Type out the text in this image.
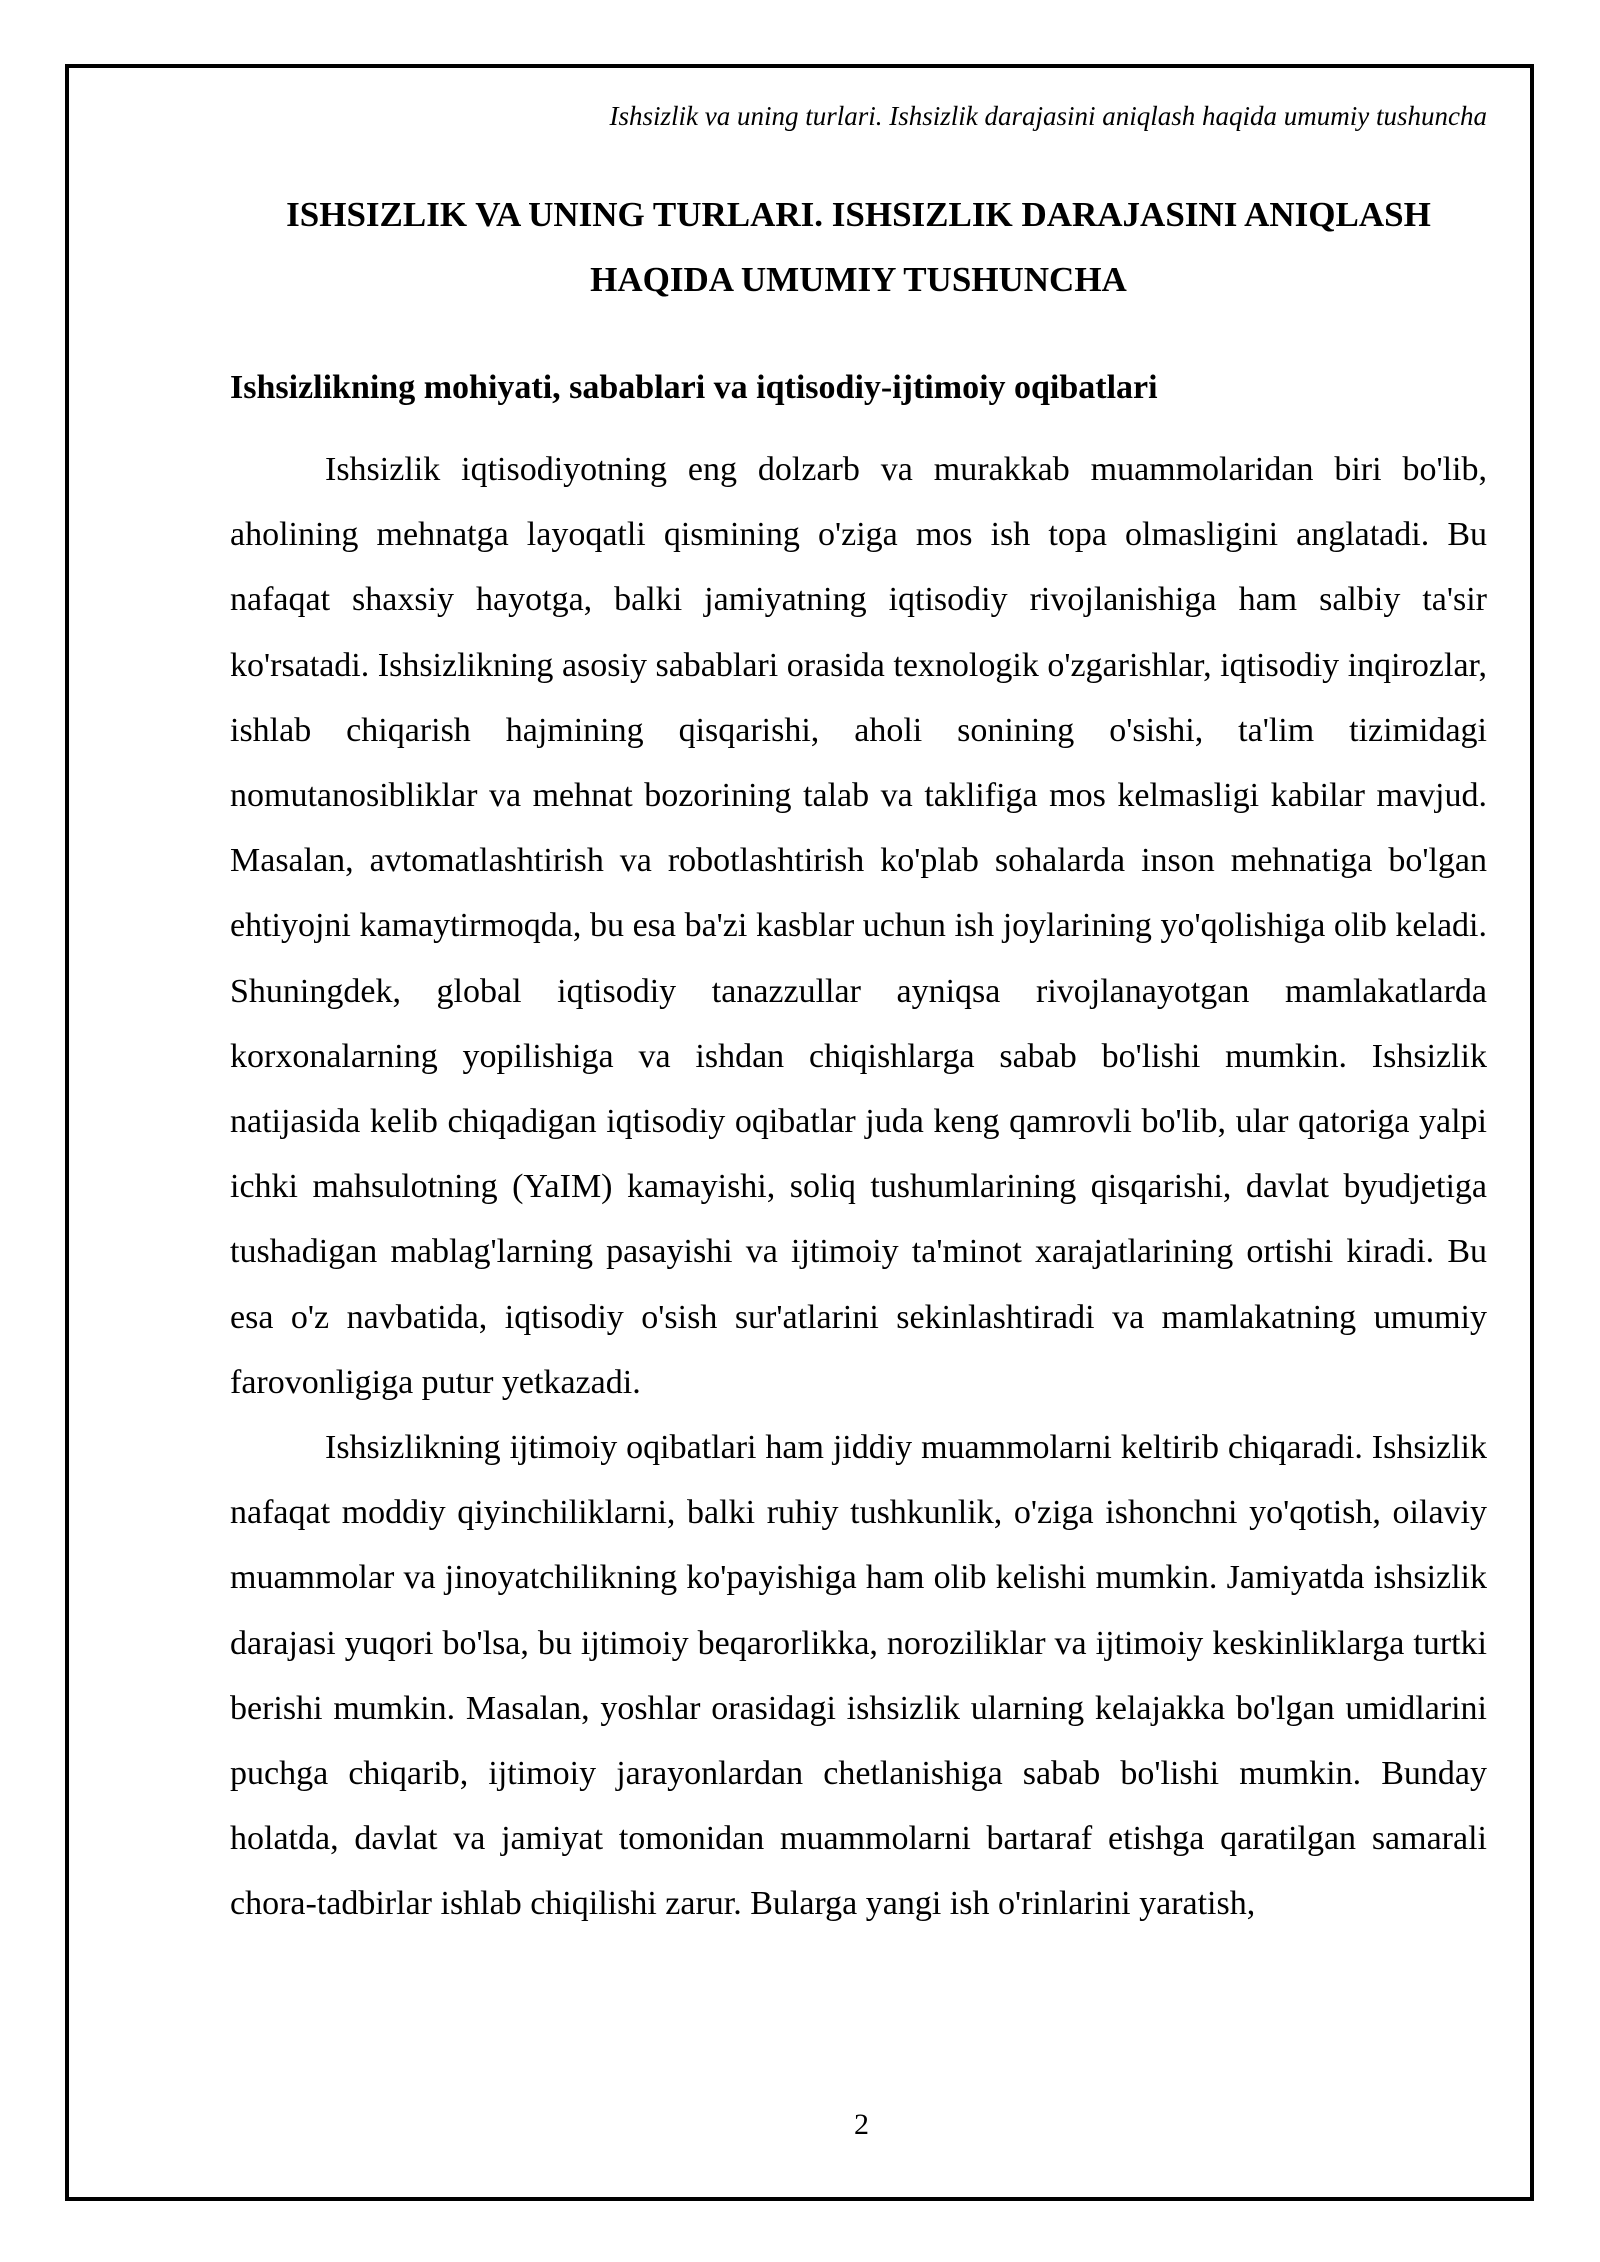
Ishsizlik va uning turlari. Ishsizlik darajasini aniqlash haqida umumiy tushuncha
ISHSIZLIK VA UNING TURLARI. ISHSIZLIK DARAJASINI ANIQLASH HAQIDA UMUMIY TUSHUNCHA
Ishsizlikning mohiyati, sabablari va iqtisodiy-ijtimoiy oqibatlari

Ishsizlik iqtisodiyotning eng dolzarb va murakkab muammolaridan biri bo'lib, aholining mehnatga layoqatli qismining o'ziga mos ish topa olmasligini anglatadi. Bu nafaqat shaxsiy hayotga, balki jamiyatning iqtisodiy rivojlanishiga ham salbiy ta'sir ko'rsatadi. Ishsizlikning asosiy sabablari orasida texnologik o'zgarishlar, iqtisodiy inqirozlar, ishlab chiqarish hajmining qisqarishi, aholi sonining o'sishi, ta'lim tizimidagi nomutanosibliklar va mehnat bozorining talab va taklifiga mos kelmasligi kabilar mavjud. Masalan, avtomatlashtirish va robotlashtirish ko'plab sohalarda inson mehnatiga bo'lgan ehtiyojni kamaytirmoqda, bu esa ba'zi kasblar uchun ish joylarining yo'qolishiga olib keladi. Shuningdek, global iqtisodiy tanazzullar ayniqsa rivojlanayotgan mamlakatlarda korxonalarning yopilishiga va ishdan chiqishlarga sabab bo'lishi mumkin. Ishsizlik natijasida kelib chiqadigan iqtisodiy oqibatlar juda keng qamrovli bo'lib, ular qatoriga yalpi ichki mahsulotning (YaIM) kamayishi, soliq tushumlarining qisqarishi, davlat byudjetiga tushadigan mablag'larning pasayishi va ijtimoiy ta'minot xarajatlarining ortishi kiradi. Bu esa o'z navbatida, iqtisodiy o'sish sur'atlarini sekinlashtiradi va mamlakatning umumiy farovonligiga putur yetkazadi.

Ishsizlikning ijtimoiy oqibatlari ham jiddiy muammolarni keltirib chiqaradi. Ishsizlik nafaqat moddiy qiyinchiliklarni, balki ruhiy tushkunlik, o'ziga ishonchni yo'qotish, oilaviy muammolar va jinoyatchilikning ko'payishiga ham olib kelishi mumkin. Jamiyatda ishsizlik darajasi yuqori bo'lsa, bu ijtimoiy beqarorlikka, noroziliklar va ijtimoiy keskinliklarga turtki berishi mumkin. Masalan, yoshlar orasidagi ishsizlik ularning kelajakka bo'lgan umidlarini puchga chiqarib, ijtimoiy jarayonlardan chetlanishiga sabab bo'lishi mumkin. Bunday holatda, davlat va jamiyat tomonidan muammolarni bartaraf etishga qaratilgan samarali chora-tadbirlar ishlab chiqilishi zarur. Bularga yangi ish o'rinlarini yaratish,

2
